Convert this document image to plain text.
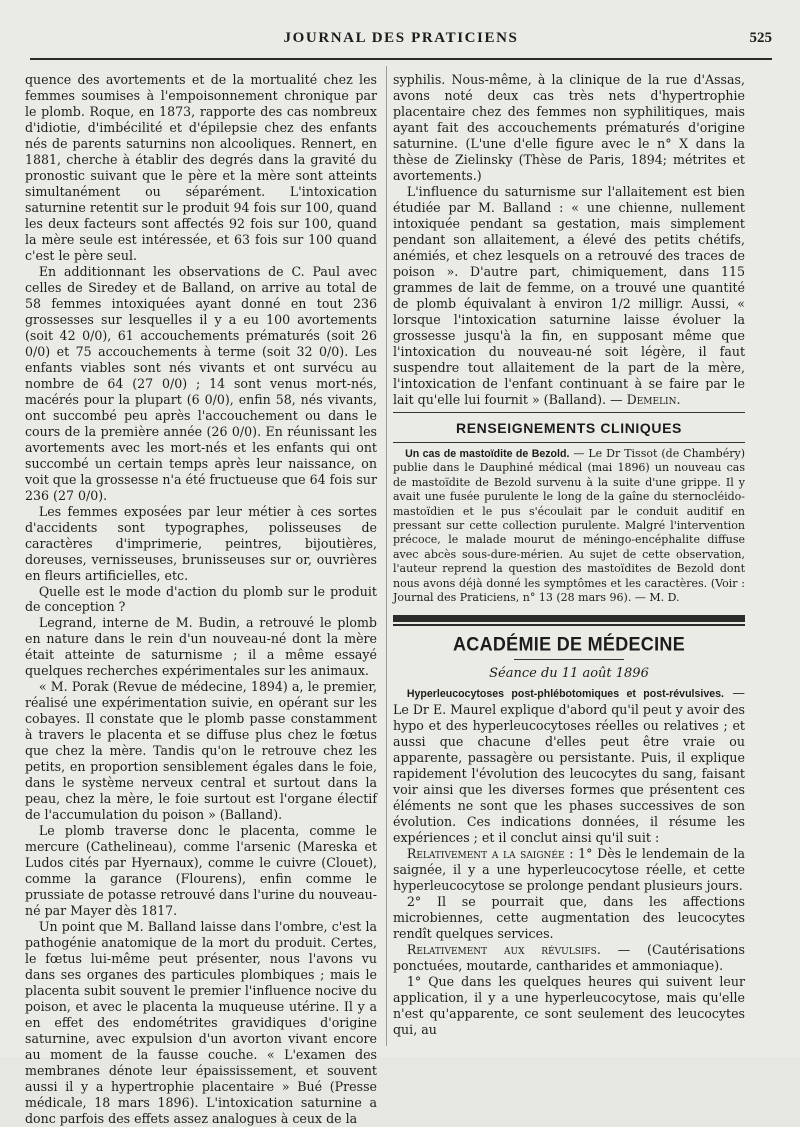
JOURNAL DES PRATICIENS	525

quence des avortements et de la mortualité chez les femmes soumises à l'empoisonnement chronique par le plomb. Roque, en 1873, rapporte des cas nombreux d'idiotie, d'imbécilité et d'épilepsie chez des enfants nés de parents saturnins non alcooliques. Rennert, en 1881, cherche à établir des degrés dans la gravité du pronostic suivant que le père et la mère sont atteints simultanément ou séparément. L'intoxication saturnine retentit sur le produit 94 fois sur 100, quand les deux facteurs sont affectés 92 fois sur 100, quand la mère seule est intéressée, et 63 fois sur 100 quand c'est le père seul.

En additionnant les observations de C. Paul avec celles de Siredey et de Balland, on arrive au total de 58 femmes intoxiquées ayant donné en tout 236 grossesses sur lesquelles il y a eu 100 avortements (soit 42 0/0), 61 accouchements prématurés (soit 26 0/0) et 75 accouchements à terme (soit 32 0/0). Les enfants viables sont nés vivants et ont survécu au nombre de 64 (27 0/0) ; 14 sont venus mort-nés, macérés pour la plupart (6 0/0), enfin 58, nés vivants, ont succombé peu après l'accouchement ou dans le cours de la première année (26 0/0). En réunissant les avortements avec les mort-nés et les enfants qui ont succombé un certain temps après leur naissance, on voit que la grossesse n'a été fructueuse que 64 fois sur 236 (27 0/0).

Les femmes exposées par leur métier à ces sortes d'accidents sont typographes, polisseuses de caractères d'imprimerie, peintres, bijoutières, doreuses, vernisseuses, brunisseuses sur or, ouvrières en fleurs artificielles, etc.

Quelle est le mode d'action du plomb sur le produit de conception ?

Legrand, interne de M. Budin, a retrouvé le plomb en nature dans le rein d'un nouveau-né dont la mère était atteinte de saturnisme ; il a même essayé quelques recherches expérimentales sur les animaux.

« M. Porak (Revue de médecine, 1894) a, le premier, réalisé une expérimentation suivie, en opérant sur les cobayes. Il constate que le plomb passe constamment à travers le placenta et se diffuse plus chez le fœtus que chez la mère. Tandis qu'on le retrouve chez les petits, en proportion sensiblement égales dans le foie, dans le système nerveux central et surtout dans la peau, chez la mère, le foie surtout est l'organe électif de l'accumulation du poison » (Balland).

Le plomb traverse donc le placenta, comme le mercure (Cathelineau), comme l'arsenic (Mareska et Ludos cités par Hyernaux), comme le cuivre (Clouet), comme la garance (Flourens), enfin comme le prussiate de potasse retrouvé dans l'urine du nouveau-né par Mayer dès 1817.

Un point que M. Balland laisse dans l'ombre, c'est la pathogénie anatomique de la mort du produit. Certes, le fœtus lui-même peut présenter, nous l'avons vu dans ses organes des particules plombiques ; mais le placenta subit souvent le premier l'influence nocive du poison, et avec le placenta la muqueuse utérine. Il y a en effet des endométrites gravidiques d'origine saturnine, avec expulsion d'un avorton vivant encore au moment de la fausse couche. « L'examen des membranes dénote leur épaississement, et souvent aussi il y a hypertrophie placentaire » Bué (Presse médicale, 18 mars 1896). L'intoxication saturnine a donc parfois des effets assez analogues à ceux de la

syphilis. Nous-même, à la clinique de la rue d'Assas, avons noté deux cas très nets d'hypertrophie placentaire chez des femmes non syphilitiques, mais ayant fait des accouchements prématurés d'origine saturnine. (L'une d'elle figure avec le n° X dans la thèse de Zielinsky (Thèse de Paris, 1894; métrites et avortements.)

L'influence du saturnisme sur l'allaitement est bien étudiée par M. Balland : « une chienne, nullement intoxiquée pendant sa gestation, mais simplement pendant son allaitement, a élevé des petits chétifs, anémiés, et chez lesquels on a retrouvé des traces de poison ». D'autre part, chimiquement, dans 115 grammes de lait de femme, on a trouvé une quantité de plomb équivalant à environ 1/2 milligr. Aussi, « lorsque l'intoxication saturnine laisse évoluer la grossesse jusqu'à la fin, en supposant même que l'intoxication du nouveau-né soit légère, il faut suspendre tout allaitement de la part de la mère, l'intoxication de l'enfant continuant à se faire par le lait qu'elle lui fournit » (Balland). — Demelin.

RENSEIGNEMENTS CLINIQUES

Un cas de mastoïdite de Bezold. — Le Dr Tissot (de Chambéry) publie dans le Dauphiné médical (mai 1896) un nouveau cas de mastoïdite de Bezold survenu à la suite d'une grippe. Il y avait une fusée purulente le long de la gaîne du sternocléido-mastoïdien et le pus s'écoulait par le conduit auditif en pressant sur cette collection purulente. Malgré l'intervention précoce, le malade mourut de méningo-encéphalite diffuse avec abcès sous-dure-mérien. Au sujet de cette observation, l'auteur reprend la question des mastoïdites de Bezold dont nous avons déjà donné les symptômes et les caractères. (Voir : Journal des Praticiens, n° 13 (28 mars 96). — M. D.

ACADÉMIE DE MÉDECINE
Séance du 11 août 1896

Hyperleucocytoses post-phlébotomiques et post-révulsives. — Le Dr E. Maurel explique d'abord qu'il peut y avoir des hypo et des hyperleucocytoses réelles ou relatives ; et aussi que chacune d'elles peut être vraie ou apparente, passagère ou persistante. Puis, il explique rapidement l'évolution des leucocytes du sang, faisant voir ainsi que les diverses formes que présentent ces éléments ne sont que les phases successives de son évolution. Ces indications données, il résume les expériences ; et il conclut ainsi qu'il suit :

Relativement a la saignée : 1° Dès le lendemain de la saignée, il y a une hyperleucocytose réelle, et cette hyperleucocytose se prolonge pendant plusieurs jours.

2° Il se pourrait que, dans les affections microbiennes, cette augmentation des leucocytes rendît quelques services.

Relativement aux révulsifs. — (Cautérisations ponctuées, moutarde, cantharides et ammoniaque).

1° Que dans les quelques heures qui suivent leur application, il y a une hyperleucocytose, mais qu'elle n'est qu'apparente, ce sont seulement des leucocytes qui, au
